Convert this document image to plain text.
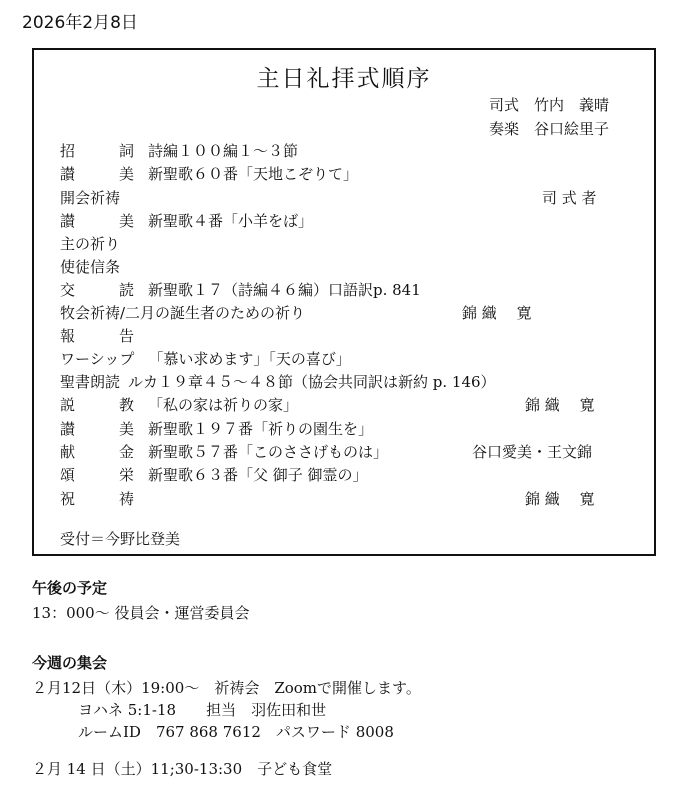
2026年2月8日
主日礼拝式順序
司式　竹内　義晴
奏楽　谷口絵里子
招　　詞 詩編１００編１～３節
讃　　美 新聖歌６０番「天地こぞりて」
開会祈祷	司 式 者
讃　　美 新聖歌４番「小羊をば」
主の祈り
使徒信条
交　　読 新聖歌１７（詩編４６編）口語訳p. 841
牧会祈祷/二月の誕生者のための祈り	錦 織　 寛
報　　告
ワーシップ 「慕い求めます」「天の喜び」
聖書朗読 ルカ１９章４５～４８節（協会共同訳は新約 p. 146）
説　　教 「私の家は祈りの家」	錦 織　 寛
讃　　美 新聖歌１９７番「祈りの園生を」
献　　金 新聖歌５７番「このささげものは」	谷口愛美・王文錦
頌　　栄 新聖歌６３番「父 御子 御霊の」
祝　　祷	錦 織　 寛
受付＝今野比登美
午後の予定
13：000～ 役員会・運営委員会
今週の集会
２月12日（木）19:00～　祈祷会　Zoomで開催します。
ヨハネ 5:1-18　　担当　羽佐田和世
ルームID　767 868 7612　パスワード 8008
２月 14 日（土）11;30-13:30　子ども食堂
